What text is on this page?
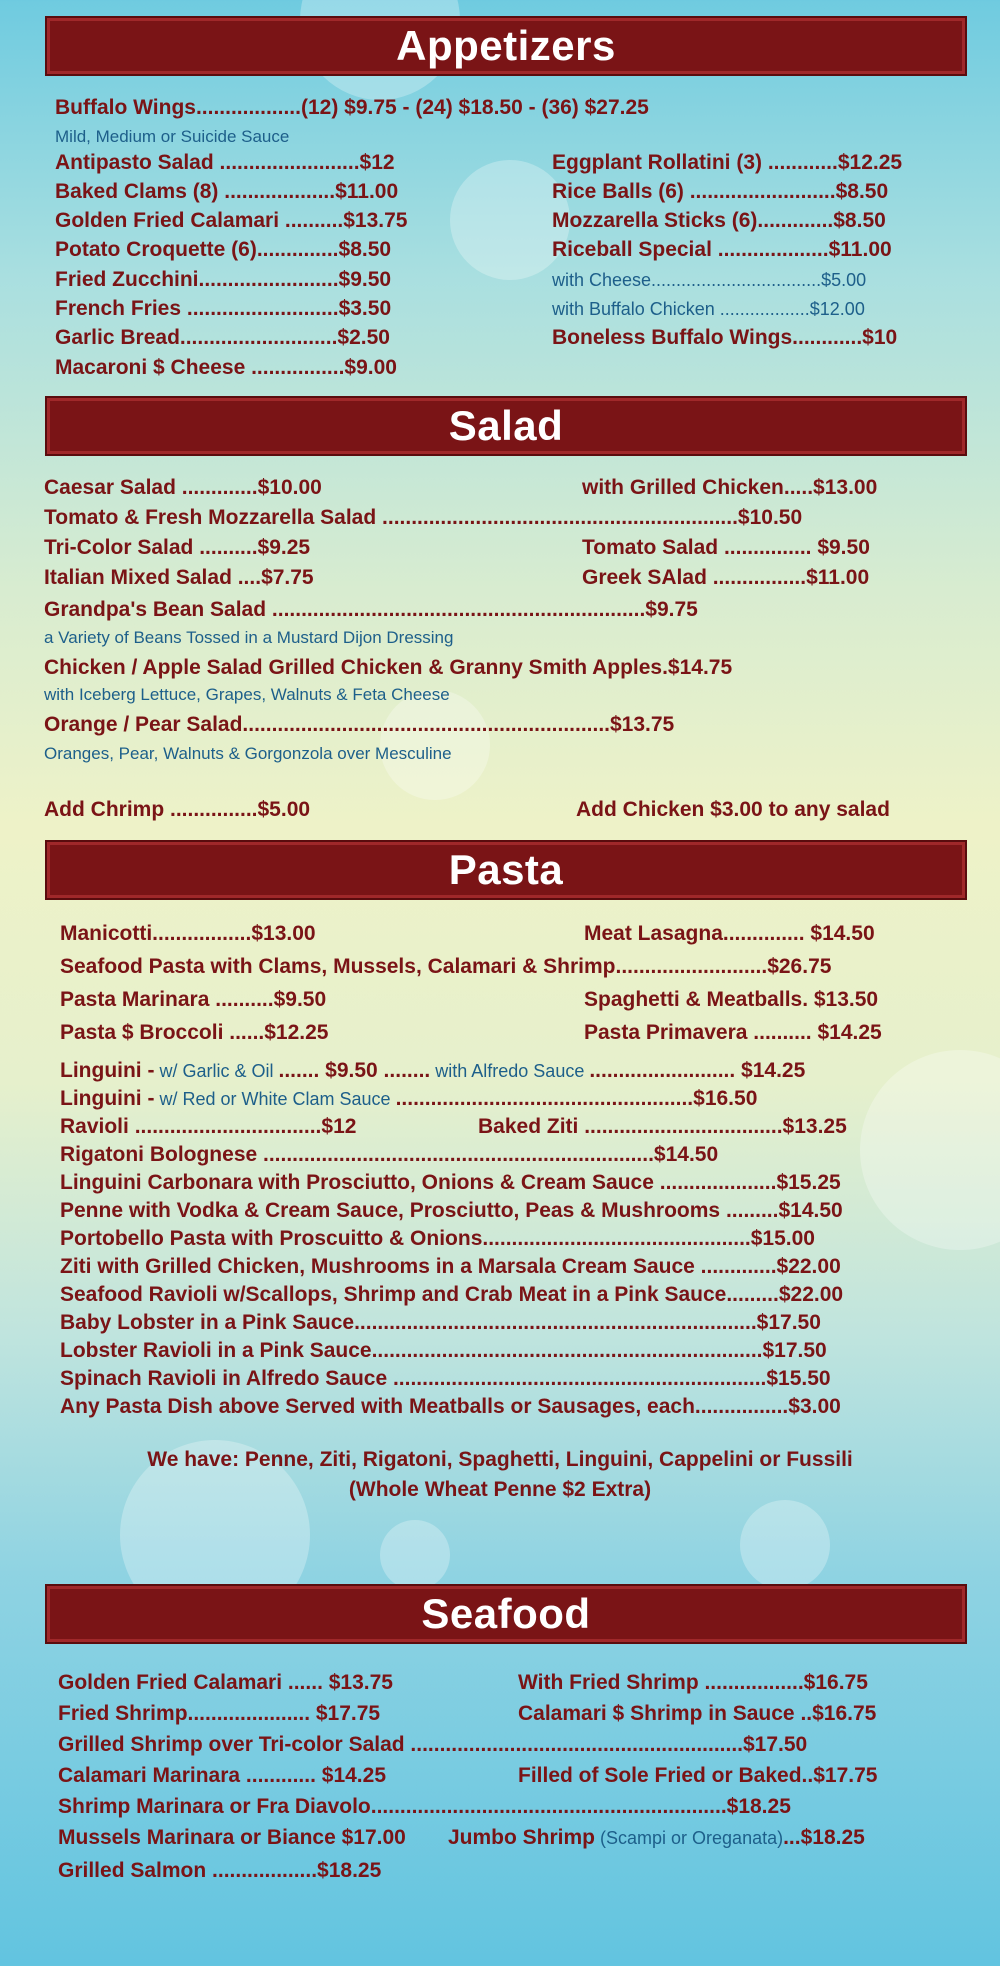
Appetizers
Buffalo Wings..................(12) $9.75 - (24) $18.50 - (36) $27.25
Mild, Medium or Suicide Sauce
Antipasto Salad ........................$12
Baked Clams (8) ...................$11.00
Golden Fried Calamari ..........$13.75
Potato Croquette (6)..............$8.50
Fried Zucchini........................$9.50
French Fries ..........................$3.50
Garlic Bread...........................$2.50
Macaroni $ Cheese ................$9.00
Eggplant Rollatini (3) ............$12.25
Rice Balls (6) .........................$8.50
Mozzarella Sticks (6).............$8.50
Riceball Special ...................$11.00
with Cheese..................................$5.00
with Buffalo Chicken ..................$12.00
Boneless Buffalo Wings............$10
Salad
Caesar Salad .............$10.00	with Grilled Chicken.....$13.00
Tomato & Fresh Mozzarella Salad .............................................................$10.50
Tri-Color Salad ..........$9.25	Tomato Salad ............... $9.50
Italian Mixed Salad ....$7.75	Greek SAlad ................$11.00
Grandpa's Bean Salad ................................................................$9.75
a Variety of Beans Tossed in a Mustard Dijon Dressing
Chicken / Apple Salad Grilled Chicken & Granny Smith Apples.$14.75
with Iceberg Lettuce, Grapes, Walnuts & Feta Cheese
Orange / Pear Salad...............................................................$13.75
Oranges, Pear, Walnuts & Gorgonzola over Mesculine
Add Chrimp ...............$5.00	Add Chicken $3.00 to any salad
Pasta
Manicotti.................$13.00	Meat Lasagna.............. $14.50
Seafood Pasta with Clams, Mussels, Calamari & Shrimp..........................$26.75
Pasta Marinara ..........$9.50	Spaghetti & Meatballs. $13.50
Pasta $ Broccoli ......$12.25	Pasta Primavera .......... $14.25
Linguini - w/ Garlic & Oil ....... $9.50 ........ with Alfredo Sauce ......................... $14.25
Linguini - w/ Red or White Clam Sauce ...................................................$16.50
Ravioli ................................$12	Baked Ziti ..................................$13.25
Rigatoni Bolognese ...................................................................$14.50
Linguini Carbonara with Prosciutto, Onions & Cream Sauce ....................$15.25
Penne with Vodka & Cream Sauce, Prosciutto, Peas & Mushrooms .........$14.50
Portobello Pasta with Proscuitto & Onions..............................................$15.00
Ziti with Grilled Chicken, Mushrooms in a Marsala Cream Sauce .............$22.00
Seafood Ravioli w/Scallops, Shrimp and Crab Meat in a Pink Sauce.........$22.00
Baby Lobster in a Pink Sauce.....................................................................$17.50
Lobster Ravioli in a Pink Sauce...................................................................$17.50
Spinach Ravioli in Alfredo Sauce ................................................................$15.50
Any Pasta Dish above Served with Meatballs or Sausages, each................$3.00
We have: Penne, Ziti, Rigatoni, Spaghetti, Linguini, Cappelini or Fussili
(Whole Wheat Penne $2 Extra)
Seafood
Golden Fried Calamari ...... $13.75	With Fried Shrimp .................$16.75
Fried Shrimp..................... $17.75	Calamari $ Shrimp in Sauce ..$16.75
Grilled Shrimp over Tri-color Salad .........................................................$17.50
Calamari Marinara ............ $14.25	Filled of Sole Fried or Baked..$17.75
Shrimp Marinara or Fra Diavolo.............................................................$18.25
Mussels Marinara or Biance $17.00 Jumbo Shrimp (Scampi or Oreganata)...$18.25
Grilled Salmon ..................$18.25
